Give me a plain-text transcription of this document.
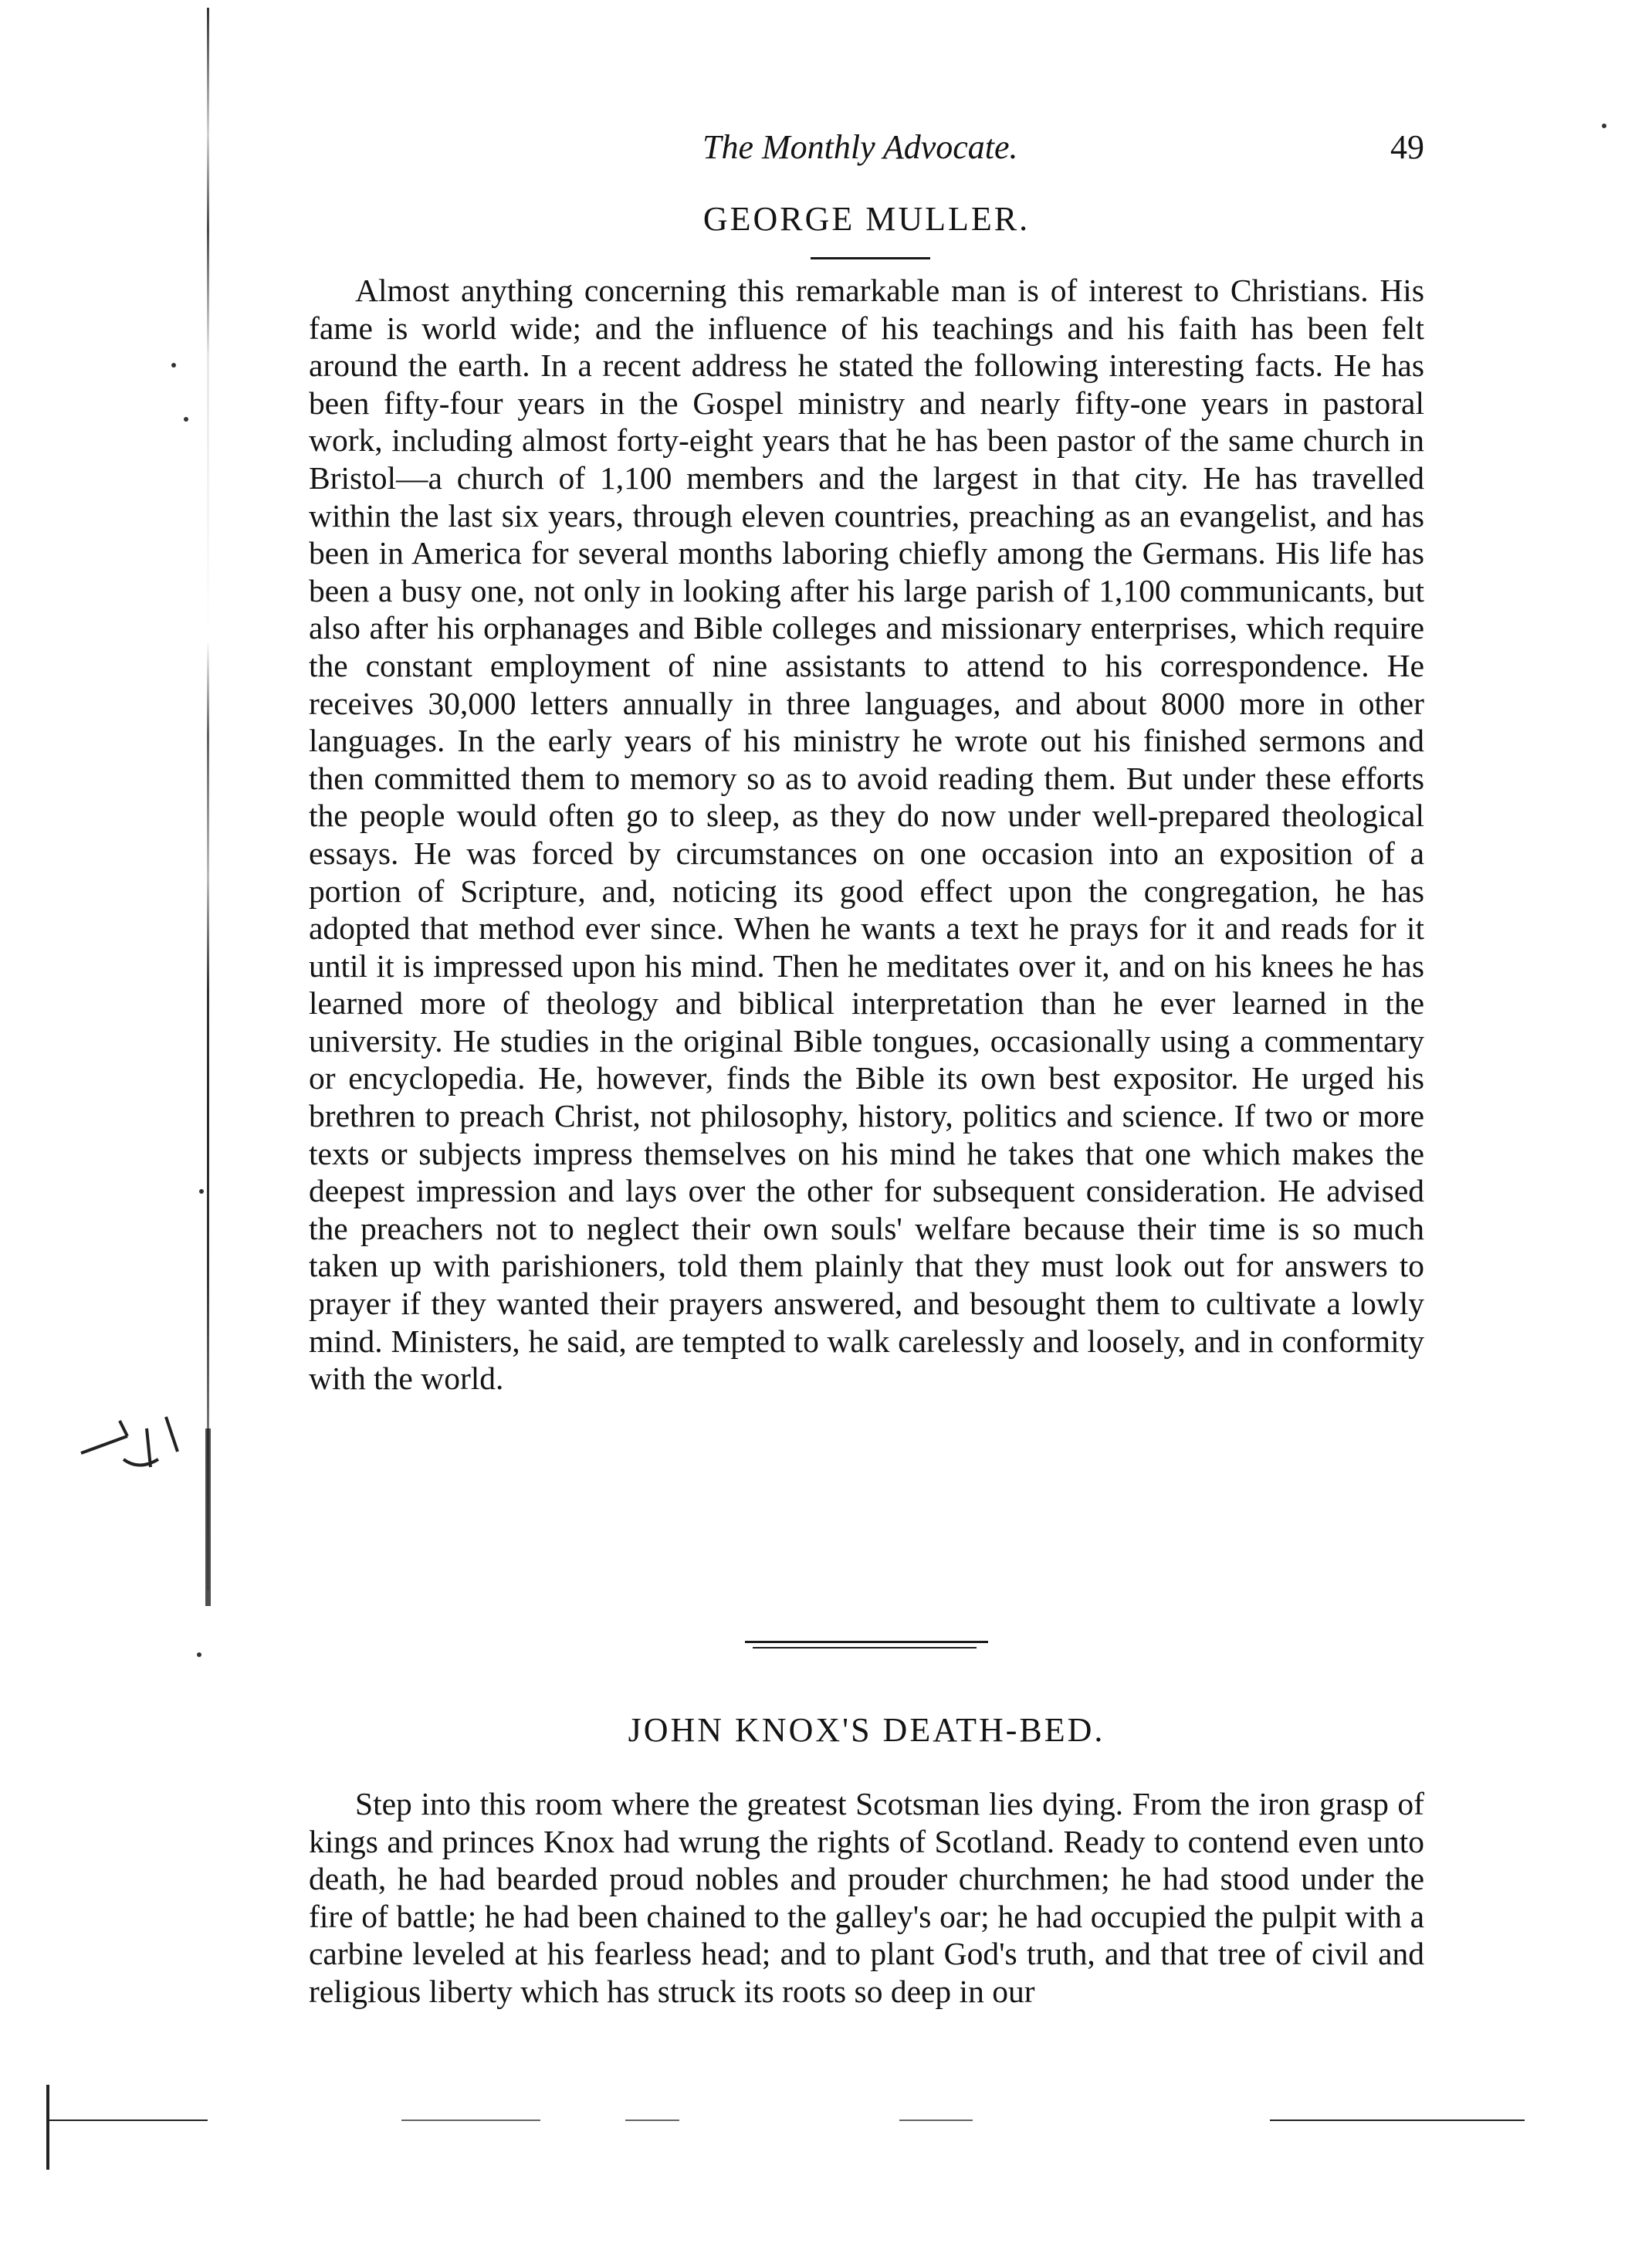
The Monthly Advocate.	49
GEORGE MULLER.

Almost anything concerning this remarkable man is of interest to Christians. His fame is world wide; and the influence of his teachings and his faith has been felt around the earth. In a recent address he stated the following interesting facts. He has been fifty-four years in the Gospel ministry and nearly fifty-one years in pastoral work, including almost forty-eight years that he has been pastor of the same church in Bristol—a church of 1,100 members and the largest in that city. He has travelled within the last six years, through eleven countries, preaching as an evangelist, and has been in America for several months laboring chiefly among the Germans. His life has been a busy one, not only in looking after his large parish of 1,100 communicants, but also after his orphanages and Bible colleges and missionary enterprises, which require the constant employment of nine assistants to attend to his correspondence. He receives 30,000 letters annually in three languages, and about 8000 more in other languages. In the early years of his ministry he wrote out his finished sermons and then committed them to memory so as to avoid reading them. But under these efforts the people would often go to sleep, as they do now under well-prepared theological essays. He was forced by circumstances on one occasion into an exposition of a portion of Scripture, and, noticing its good effect upon the congregation, he has adopted that method ever since. When he wants a text he prays for it and reads for it until it is impressed upon his mind. Then he meditates over it, and on his knees he has learned more of theology and biblical interpretation than he ever learned in the university. He studies in the original Bible tongues, occasionally using a commentary or encyclopedia. He, however, finds the Bible its own best expositor. He urged his brethren to preach Christ, not philosophy, history, politics and science. If two or more texts or subjects impress themselves on his mind he takes that one which makes the deepest impression and lays over the other for subsequent consideration. He advised the preachers not to neglect their own souls' welfare because their time is so much taken up with parishioners, told them plainly that they must look out for answers to prayer if they wanted their prayers answered, and besought them to cultivate a lowly mind. Ministers, he said, are tempted to walk carelessly and loosely, and in conformity with the world.

JOHN KNOX'S DEATH-BED.

Step into this room where the greatest Scotsman lies dying. From the iron grasp of kings and princes Knox had wrung the rights of Scotland. Ready to contend even unto death, he had bearded proud nobles and prouder churchmen; he had stood under the fire of battle; he had been chained to the galley's oar; he had occupied the pulpit with a carbine leveled at his fearless head; and to plant God's truth, and that tree of civil and religious liberty which has struck its roots so deep in our
